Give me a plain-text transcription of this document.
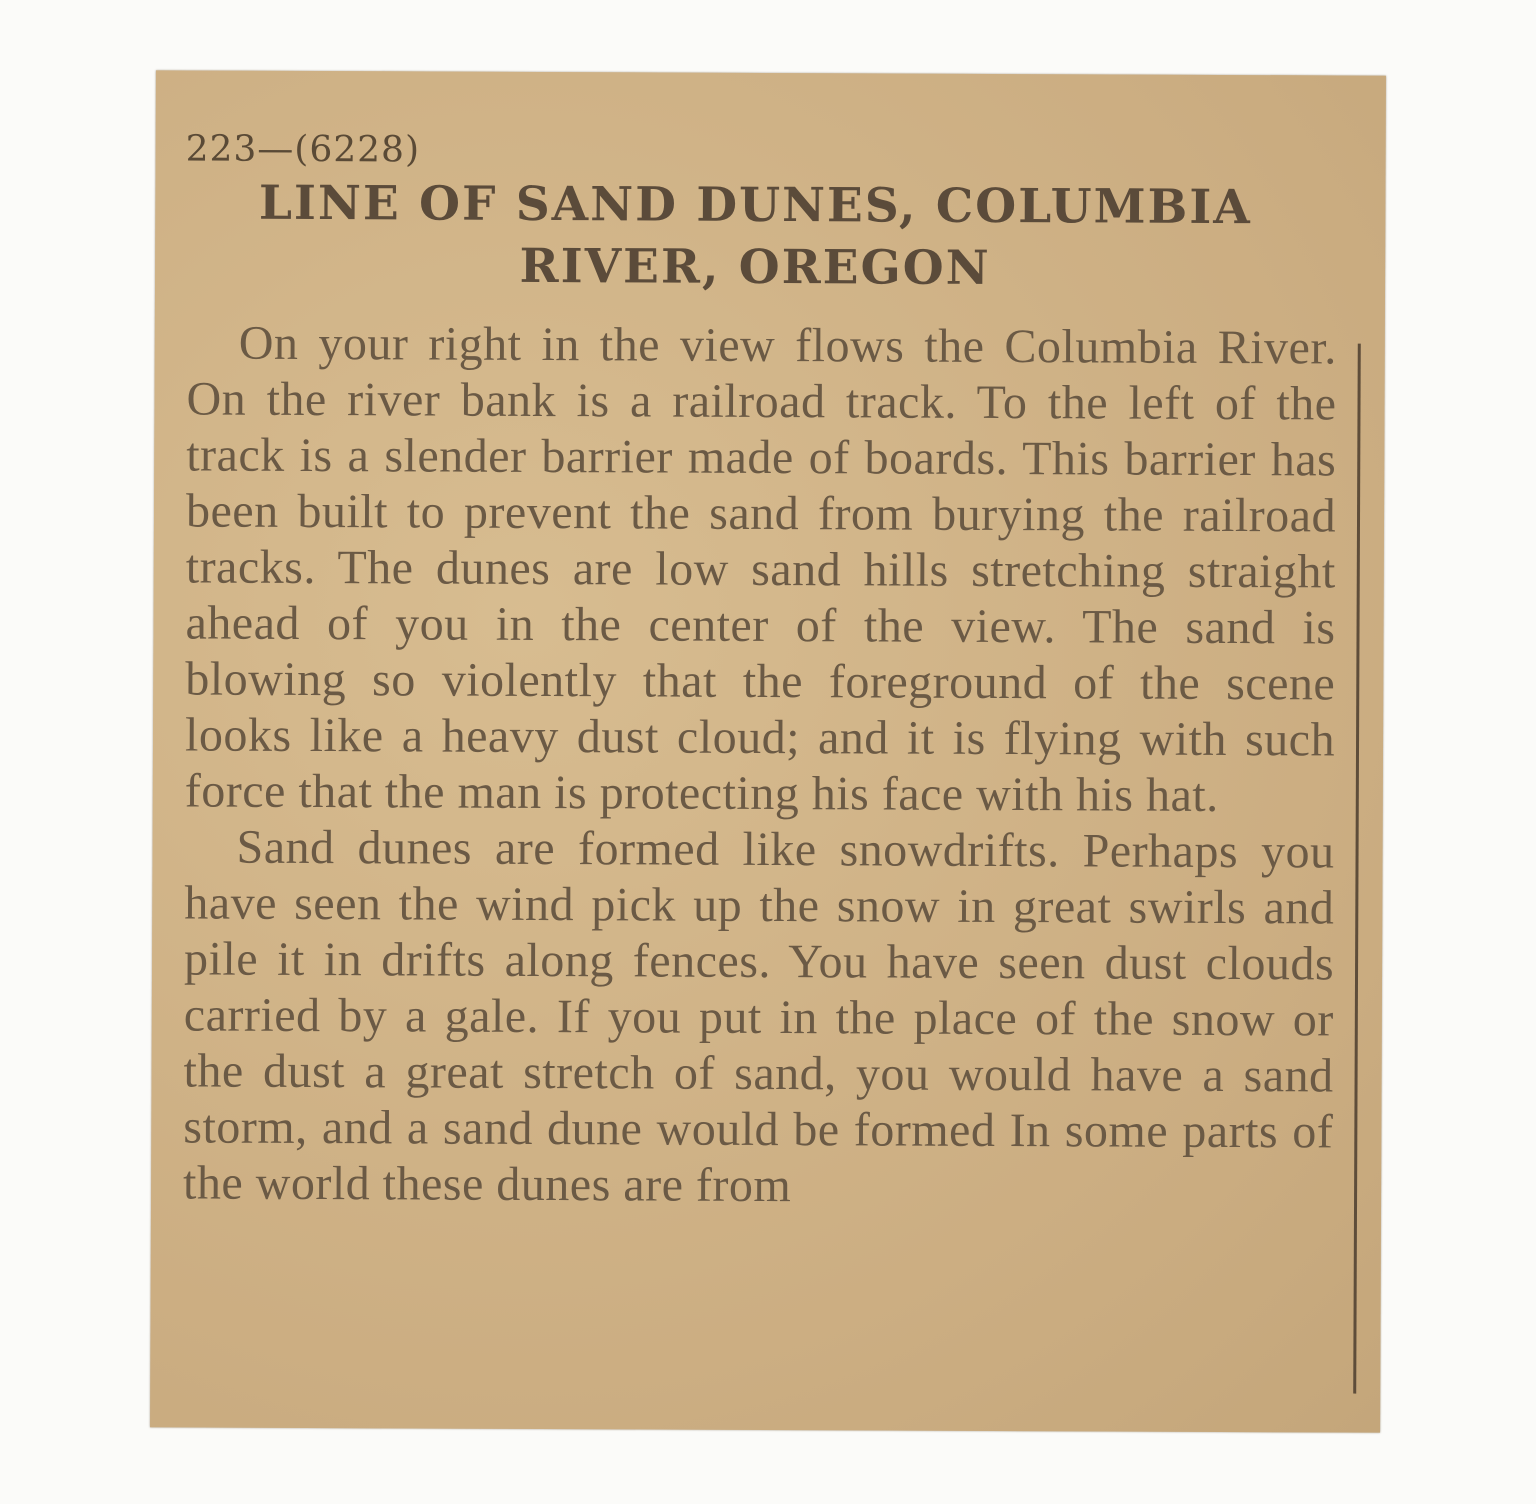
223—(6228)
LINE OF SAND DUNES, COLUMBIA
RIVER, OREGON

On your right in the view flows the Columbia River. On the river bank is a railroad track. To the left of the track is a slender barrier made of boards. This barrier has been built to prevent the sand from burying the railroad tracks. The dunes are low sand hills stretching straight ahead of you in the center of the view. The sand is blowing so violently that the foreground of the scene looks like a heavy dust cloud; and it is flying with such force that the man is protecting his face with his hat.

Sand dunes are formed like snowdrifts. Perhaps you have seen the wind pick up the snow in great swirls and pile it in drifts along fences. You have seen dust clouds carried by a gale. If you put in the place of the snow or the dust a great stretch of sand, you would have a sand storm, and a sand dune would be formed In some parts of the world these dunes are from
